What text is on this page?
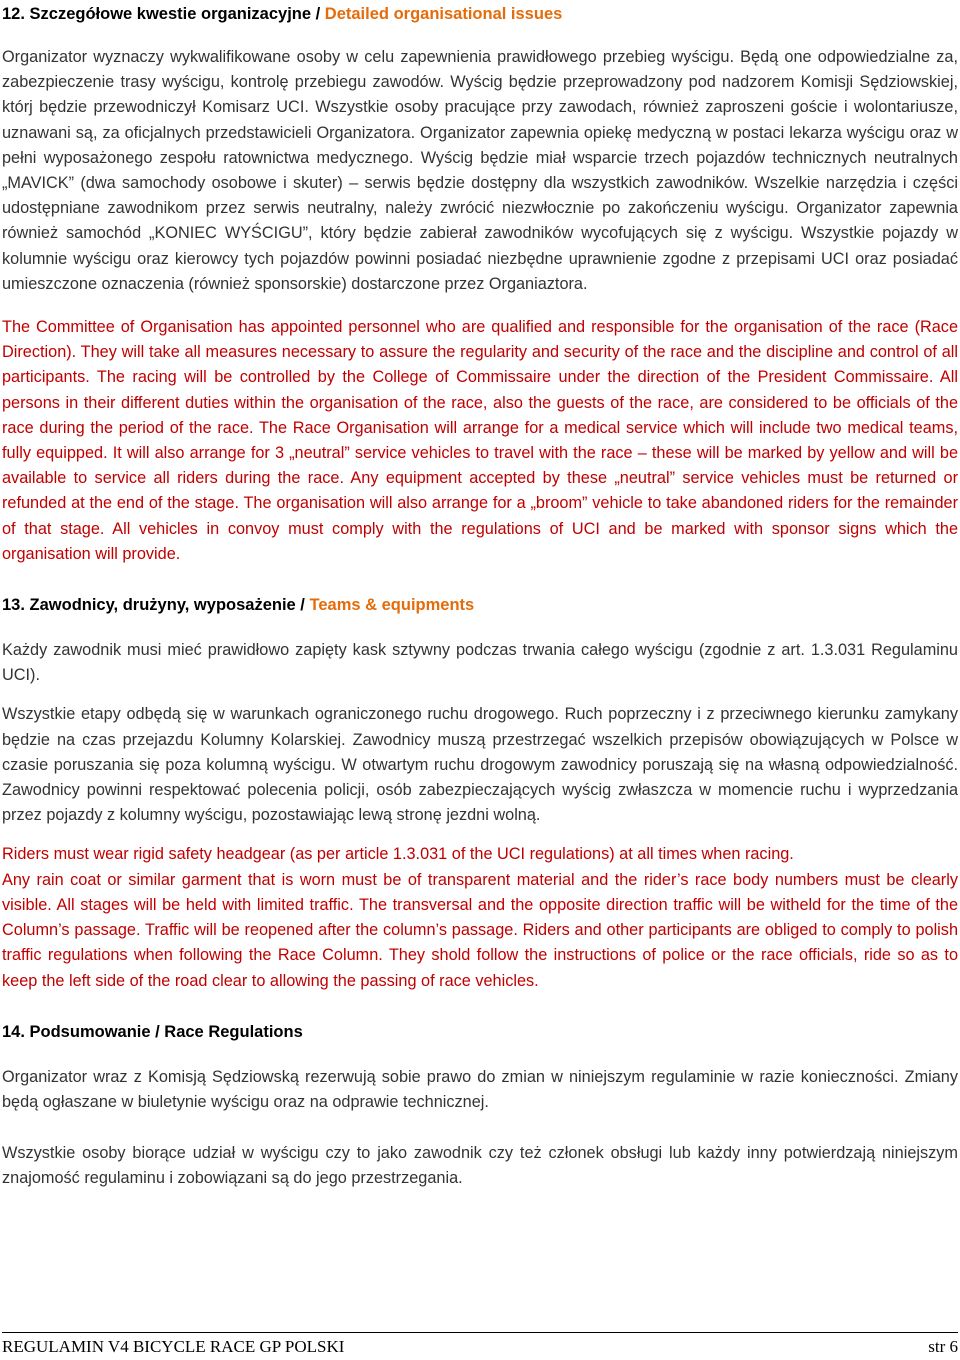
12. Szczegółowe kwestie organizacyjne / Detailed organisational issues

Organizator wyznaczy wykwalifikowane osoby w celu zapewnienia prawidłowego przebieg wyścigu. Będą one odpowiedzialne za, zabezpieczenie trasy wyścigu, kontrolę przebiegu zawodów. Wyścig będzie przeprowadzony pod nadzorem Komisji Sędziowskiej, którj będzie przewodniczył Komisarz UCI. Wszystkie osoby pracujące przy zawodach, również zaproszeni goście i wolontariusze, uznawani są, za oficjalnych przedstawicieli Organizatora. Organizator zapewnia opiekę medyczną w postaci lekarza wyścigu oraz w pełni wyposażonego zespołu ratownictwa medycznego. Wyścig będzie miał wsparcie trzech pojazdów technicznych neutralnych „MAVICK” (dwa samochody osobowe i skuter) – serwis będzie dostępny dla wszystkich zawodników. Wszelkie narzędzia i części udostępniane zawodnikom przez serwis neutralny, należy zwrócić niezwłocznie po zakończeniu wyścigu. Organizator zapewnia również samochód „KONIEC WYŚCIGU”, który będzie zabierał zawodników wycofujących się z wyścigu. Wszystkie pojazdy w kolumnie wyścigu oraz kierowcy tych pojazdów powinni posiadać niezbędne uprawnienie zgodne z przepisami UCI oraz posiadać umieszczone oznaczenia (również sponsorskie) dostarczone przez Organiaztora.

The Committee of Organisation has appointed personnel who are qualified and responsible for the organisation of the race (Race Direction). They will take all measures necessary to assure the regularity and security of the race and the discipline and control of all participants. The racing will be controlled by the College of Commissaire under the direction of the President Commissaire. All persons in their different duties within the organisation of the race, also the guests of the race, are considered to be officials of the race during the period of the race. The Race Organisation will arrange for a medical service which will include two medical teams, fully equipped. It will also arrange for 3 „neutral” service vehicles to travel with the race – these will be marked by yellow and will be available to service all riders during the race. Any equipment accepted by these „neutral” service vehicles must be returned or refunded at the end of the stage. The organisation will also arrange for a „broom” vehicle to take abandoned riders for the remainder of that stage. All vehicles in convoy must comply with the regulations of UCI and be marked with sponsor signs which the organisation will provide.

13. Zawodnicy, drużyny, wyposażenie / Teams & equipments

Każdy zawodnik musi mieć prawidłowo zapięty kask sztywny podczas trwania całego wyścigu (zgodnie z art. 1.3.031 Regulaminu UCI).

Wszystkie etapy odbędą się w warunkach ograniczonego ruchu drogowego. Ruch poprzeczny i z przeciwnego kierunku zamykany będzie na czas przejazdu Kolumny Kolarskiej. Zawodnicy muszą przestrzegać wszelkich przepisów obowiązujących w Polsce w czasie poruszania się poza kolumną wyścigu. W otwartym ruchu drogowym zawodnicy poruszają się na własną odpowiedzialność. Zawodnicy powinni respektować polecenia policji, osób zabezpieczających wyścig zwłaszcza w momencie ruchu i wyprzedzania przez pojazdy z kolumny wyścigu, pozostawiając lewą stronę jezdni wolną.

Riders must wear rigid safety headgear (as per article 1.3.031 of the UCI regulations) at all times when racing.

Any rain coat or similar garment that is worn must be of transparent material and the rider’s race body numbers must be clearly visible. All stages will be held with limited traffic. The transversal and the opposite direction traffic will be witheld for the time of the Column’s passage. Traffic will be reopened after the column’s passage. Riders and other participants are obliged to comply to polish traffic regulations when following the Race Column. They shold follow the instructions of police or the race officials, ride so as to keep the left side of the road clear to allowing the passing of race vehicles.

14. Podsumowanie / Race Regulations

Organizator wraz z Komisją Sędziowską rezerwują sobie prawo do zmian w niniejszym regulaminie w razie konieczności. Zmiany będą ogłaszane w biuletynie wyścigu oraz na odprawie technicznej.

Wszystkie osoby biorące udział w wyścigu czy to jako zawodnik czy też członek obsługi lub każdy inny potwierdzają niniejszym znajomość regulaminu i zobowiązani są do jego przestrzegania.

REGULAMIN V4 BICYCLE RACE GP POLSKI	str 6
